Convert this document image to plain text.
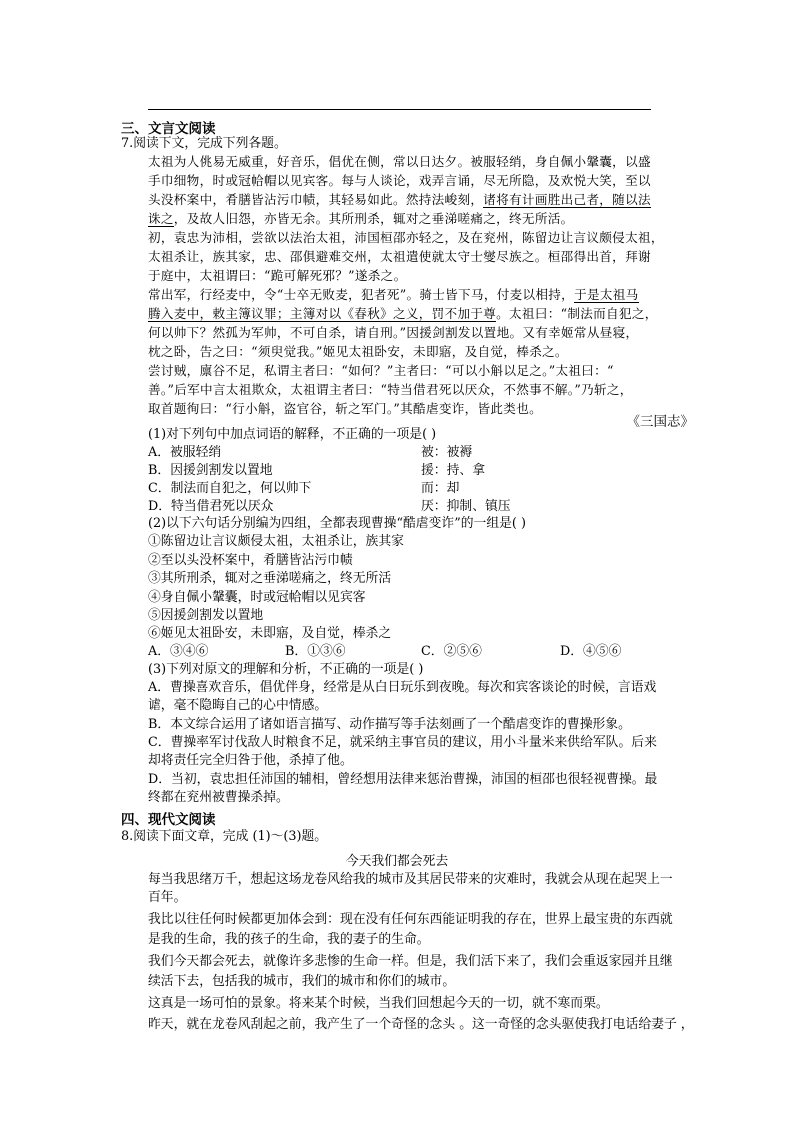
三、文言文阅读
7.阅读下文，完成下列各题。
太祖为人佻易无威重，好音乐，倡优在侧，常以日达夕。被服轻绡，身自佩小鞶囊，以盛
手巾细物，时或冠帢帽以见宾客。每与人谈论，戏弄言诵，尽无所隐，及欢悦大笑，至以
头没杯案中，肴膳皆沾污巾帻，其轻易如此。然持法峻刻，诸将有计画胜出己者，随以法
诛之，及故人旧怨，亦皆无余。其所刑杀，辄对之垂涕嗟痛之，终无所活。
初，袁忠为沛相，尝欲以法治太祖，沛国桓邵亦轻之，及在兖州，陈留边让言议颇侵太祖，
太祖杀让，族其家，忠、邵俱避难交州，太祖遣使就太守士燮尽族之。桓邵得出首，拜谢
于庭中，太祖谓曰：“跪可解死邪？”遂杀之。
常出军，行经麦中，令“士卒无败麦，犯者死”。骑士皆下马，付麦以相持，于是太祖马
腾入麦中，敕主簿议罪；主簿对以《春秋》之义，罚不加于尊。太祖曰：“制法而自犯之，
何以帅下？然孤为军帅，不可自杀，请自刑。”因援剑割发以置地。又有幸姬常从昼寝，
枕之卧，告之曰：“须臾觉我。”姬见太祖卧安，未即寤，及自觉，棒杀之。
尝讨贼，廪谷不足，私谓主者曰：“如何？”主者曰：“可以小斛以足之。”太祖曰：“
善。”后军中言太祖欺众，太祖谓主者曰：“特当借君死以厌众，不然事不解。”乃斩之，
取首题徇曰：“行小斛，盗官谷，斩之军门。”其酷虐变诈，皆此类也。
《三国志》
(1)对下列句中加点词语的解释，不正确的一项是( )
A．被服轻绡	被：被褥
B．因援剑割发以置地	援：持、拿
C．制法而自犯之，何以帅下	而：却
D．特当借君死以厌众	厌：抑制、镇压
(2)以下六句话分别编为四组，全都表现曹操“酷虐变诈”的一组是( )
①陈留边让言议颇侵太祖，太祖杀让，族其家
②至以头没杯案中，肴膳皆沾污巾帻
③其所刑杀，辄对之垂涕嗟痛之，终无所活
④身自佩小鞶囊，时或冠帢帽以见宾客
⑤因援剑割发以置地
⑥姬见太祖卧安，未即寤，及自觉，棒杀之
A．③④⑥	B．①③⑥	C．②⑤⑥	D．④⑤⑥
(3)下列对原文的理解和分析，不正确的一项是( )
A．曹操喜欢音乐，倡优伴身，经常是从白日玩乐到夜晚。每次和宾客谈论的时候，言语戏
谑，毫不隐晦自己的心中情感。
B．本文综合运用了诸如语言描写、动作描写等手法刻画了一个酷虐变诈的曹操形象。
C．曹操率军讨伐敌人时粮食不足，就采纳主事官员的建议，用小斗量米来供给军队。后来
却将责任完全归咎于他，杀掉了他。
D．当初，袁忠担任沛国的辅相，曾经想用法律来惩治曹操，沛国的桓邵也很轻视曹操。最
终都在兖州被曹操杀掉。
四、现代文阅读
8.阅读下面文章，完成 (1)～(3)题。
今天我们都会死去
每当我思绪万千，想起这场龙卷风给我的城市及其居民带来的灾难时，我就会从现在起哭上一
百年。
我比以往任何时候都更加体会到：现在没有任何东西能证明我的存在，世界上最宝贵的东西就
是我的生命，我的孩子的生命，我的妻子的生命。
我们今天都会死去，就像许多悲惨的生命一样。但是，我们活下来了，我们会重返家园并且继
续活下去，包括我的城市，我们的城市和你们的城市。
这真是一场可怕的景象。将来某个时候，当我们回想起今天的一切，就不寒而栗。
昨天，就在龙卷风刮起之前，我产生了一个奇怪的念头 。这一奇怪的念头驱使我打电话给妻子 ，
